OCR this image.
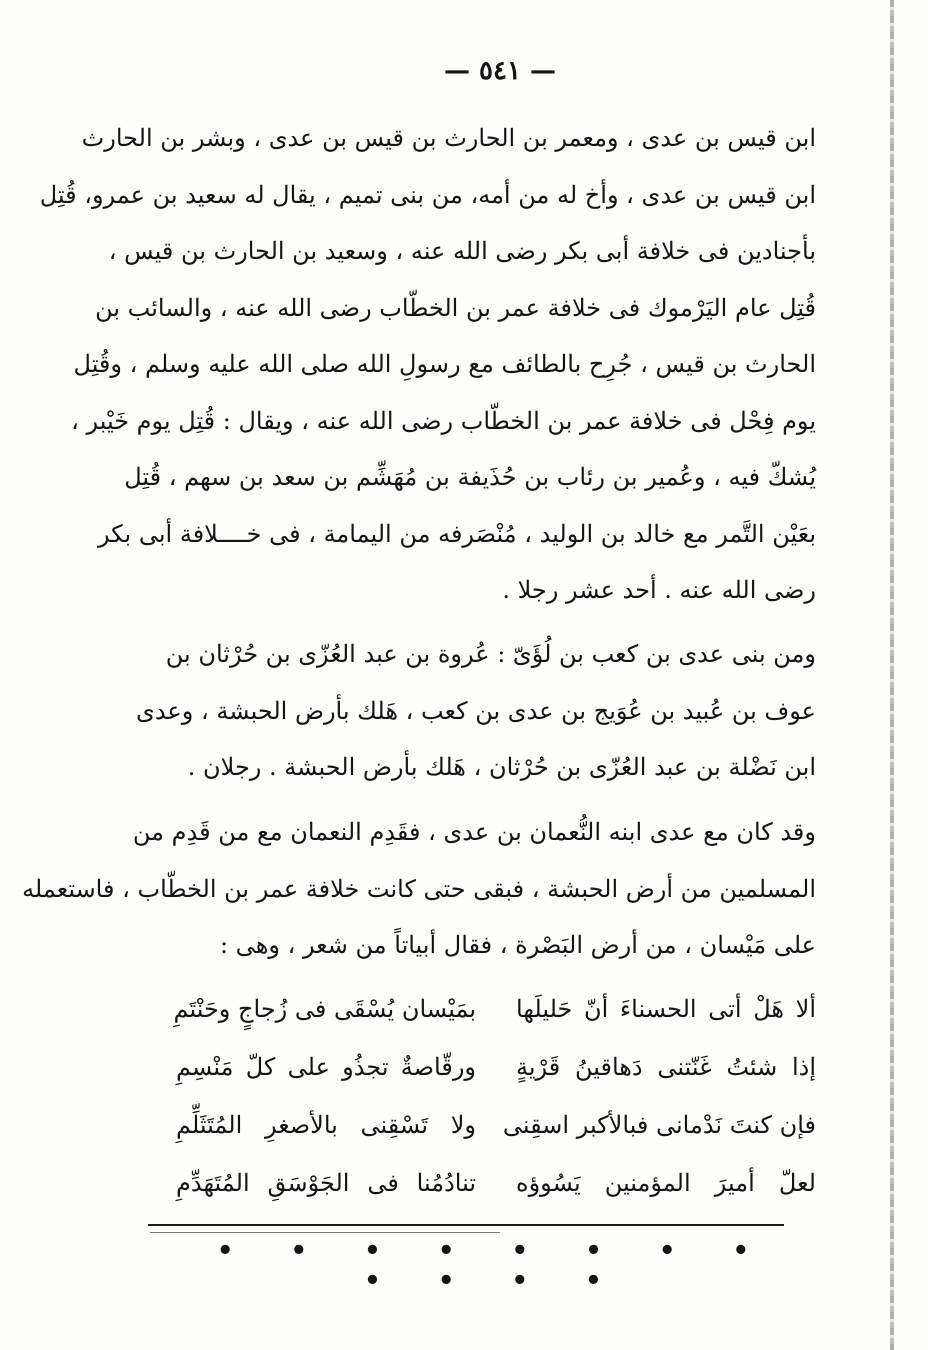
— ٥٤١ —
ابن قيس بن عدى ، ومعمر بن الحارث بن قيس بن عدى ، وبشر بن الحارث
ابن قيس بن عدى ، وأخ له من أمه، من بنى تميم ، يقال له سعيد بن عمرو، قُتِل
بأجنادين فى خلافة أبى بكر رضى الله عنه ، وسعيد بن الحارث بن قيس ،
قُتِل عام اليَرْموك فى خلافة عمر بن الخطّاب رضى الله عنه ، والسائب بن
الحارث بن قيس ، جُرِح بالطائف مع رسولِ الله صلى الله عليه وسلم ، وقُتِل
يوم فِحْل فى خلافة عمر بن الخطّاب رضى الله عنه ، ويقال : قُتِل يوم خَيْبر ،
يُشكّ فيه ، وعُمير بن رئاب بن حُذَيفة بن مُهَشِّم بن سعد بن سهم ، قُتِل
بعَيْن التَّمر مع خالد بن الوليد ، مُنْصَرفه من اليمامة ، فى خــــلافة أبى بكر
رضى الله عنه . أحد عشر رجلا .
ومن بنى عدى بن كعب بن لُؤَىّ : عُروة بن عبد العُزّى بن حُرْثان بن
عوف بن عُبيد بن عُوَيج بن عدى بن كعب ، هَلك بأرض الحبشة ، وعدى
ابن نَضْلة بن عبد العُزّى بن حُرْثان ، هَلك بأرض الحبشة . رجلان .
وقد كان مع عدى ابنه النُّعمان بن عدى ، فقَدِم النعمان مع من قَدِم من
المسلمين من أرض الحبشة ، فبقى حتى كانت خلافة عمر بن الخطّاب ، فاستعمله
على مَيْسان ، من أرض البَصْرة ، فقال أبياتاً من شعر ، وهى :
ألا هَلْ أتى الحسناءَ أنّ حَليلَها
بمَيْسان يُسْقَى فى زُجاجٍ وحَنْتَمِ
إذا شئتُ غَنّتنى دَهاقينُ قَرْيةٍ
ورقّاصةٌ تجذُو على كلّ مَنْسِمِ
فإن كنتَ نَدْمانى فبالأكبر اسقِنى
ولا تَسْقِنى بالأصغرِ المُتَثَلِّمِ
لعلّ أميرَ المؤمنين يَسُوؤه
تنادُمُنا فى الجَوْسَقِ المُتَهَدِّمِ
• • • • • • • • • • • •
